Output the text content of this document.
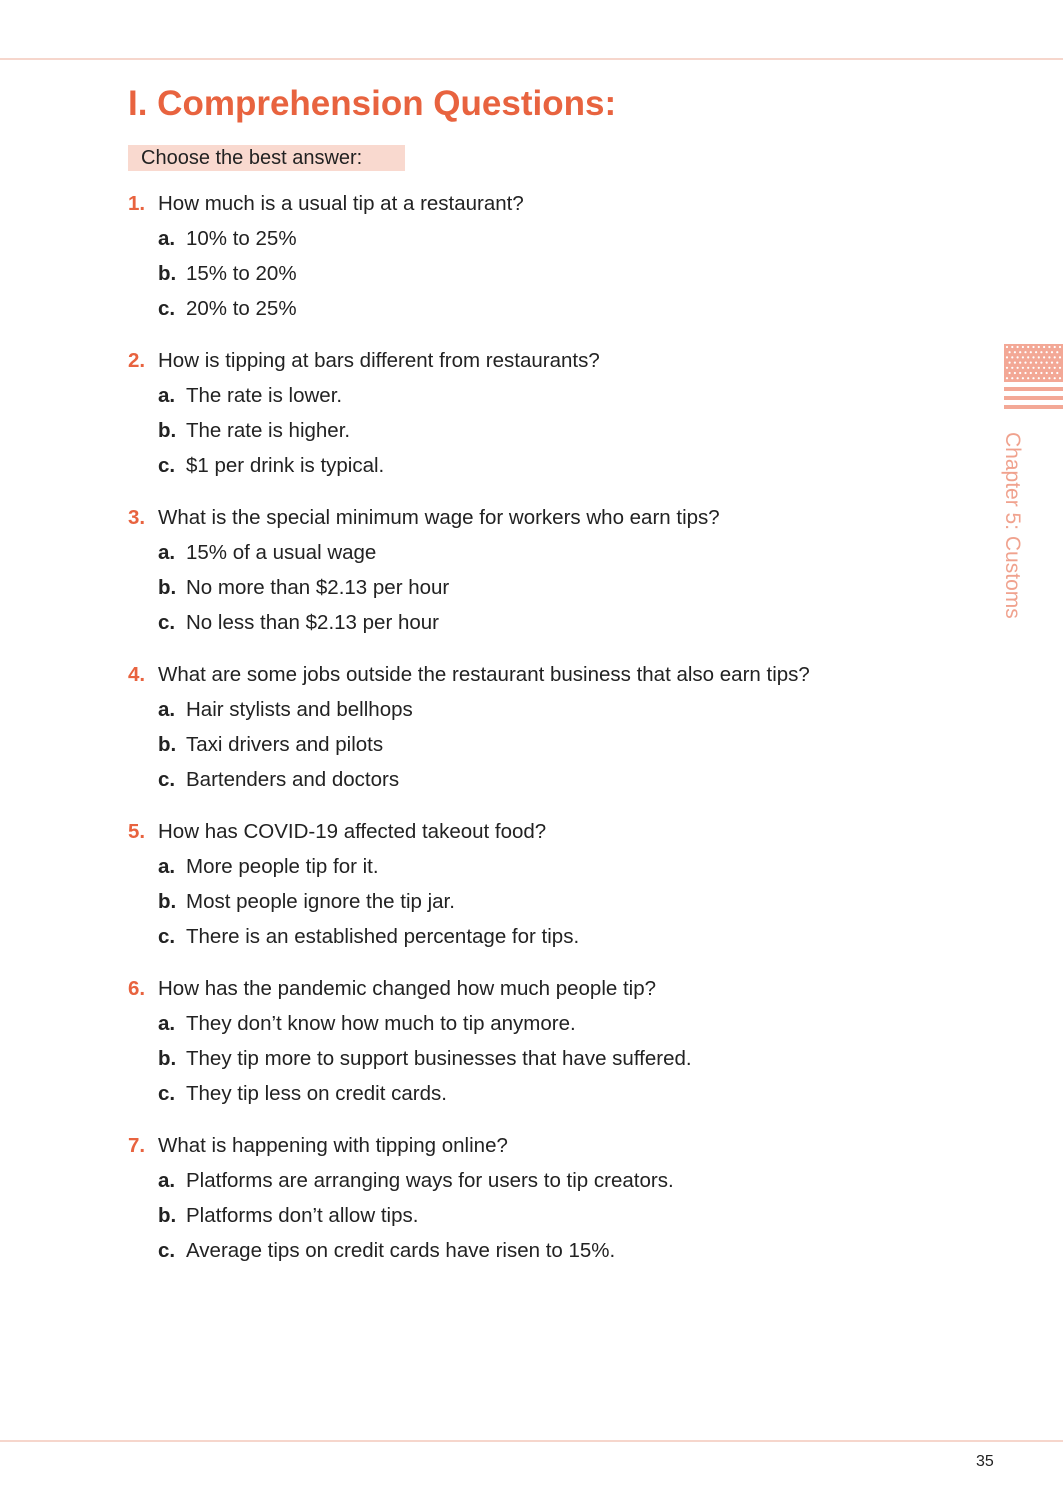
I. Comprehension Questions:
Choose the best answer:
1. How much is a usual tip at a restaurant?
a. 10% to 25%
b. 15% to 20%
c. 20% to 25%
2. How is tipping at bars different from restaurants?
a. The rate is lower.
b. The rate is higher.
c. $1 per drink is typical.
3. What is the special minimum wage for workers who earn tips?
a. 15% of a usual wage
b. No more than $2.13 per hour
c. No less than $2.13 per hour
4. What are some jobs outside the restaurant business that also earn tips?
a. Hair stylists and bellhops
b. Taxi drivers and pilots
c. Bartenders and doctors
5. How has COVID-19 affected takeout food?
a. More people tip for it.
b. Most people ignore the tip jar.
c. There is an established percentage for tips.
6. How has the pandemic changed how much people tip?
a. They don’t know how much to tip anymore.
b. They tip more to support businesses that have suffered.
c. They tip less on credit cards.
7. What is happening with tipping online?
a. Platforms are arranging ways for users to tip creators.
b. Platforms don’t allow tips.
c. Average tips on credit cards have risen to 15%.
Chapter 5: Customs
35
